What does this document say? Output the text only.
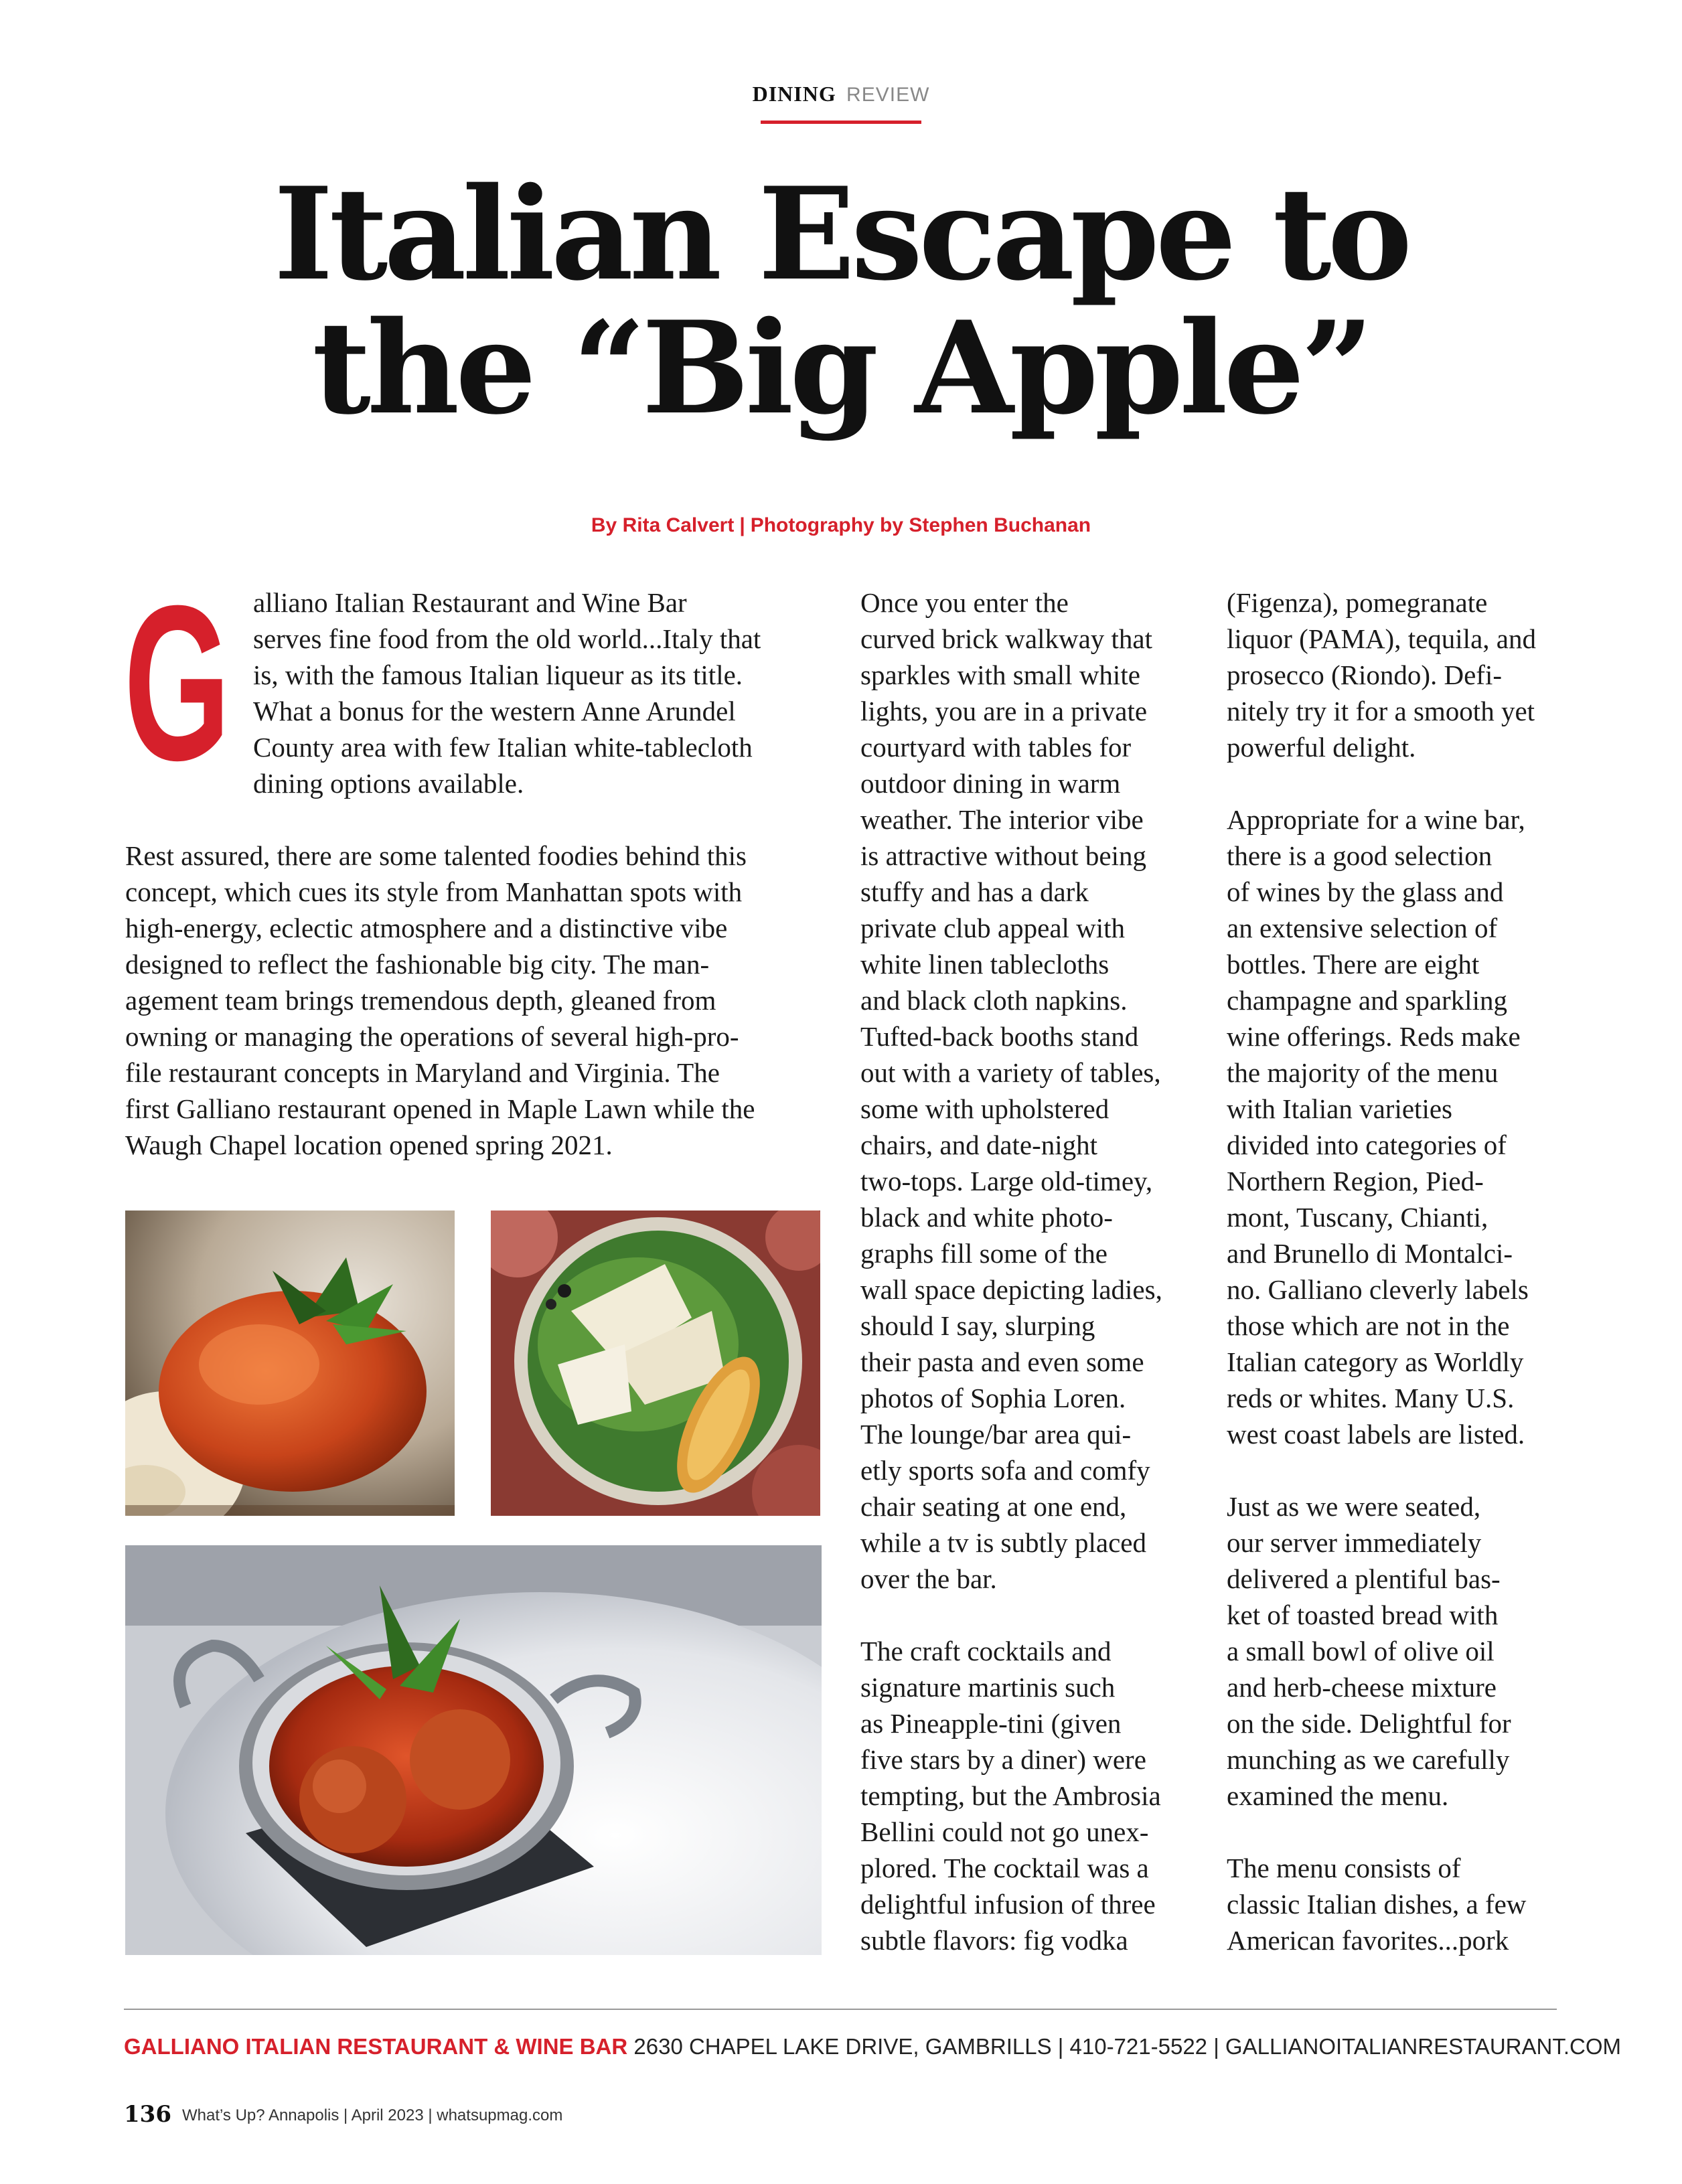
DINING REVIEW
Italian Escape to
the “Big Apple”
By Rita Calvert | Photography by Stephen Buchanan
G alliano Italian Restaurant and Wine Bar
serves fine food from the old world...Italy that
is, with the famous Italian liqueur as its title.
What a bonus for the western Anne Arundel
County area with few Italian white-tablecloth
dining options available.
Rest assured, there are some talented foodies behind this
concept, which cues its style from Manhattan spots with
high-energy, eclectic atmosphere and a distinctive vibe
designed to reflect the fashionable big city. The man-
agement team brings tremendous depth, gleaned from
owning or managing the operations of several high-pro-
file restaurant concepts in Maryland and Virginia. The
first Galliano restaurant opened in Maple Lawn while the
Waugh Chapel location opened spring 2021.
Once you enter the
curved brick walkway that
sparkles with small white
lights, you are in a private
courtyard with tables for
outdoor dining in warm
weather. The interior vibe
is attractive without being
stuffy and has a dark
private club appeal with
white linen tablecloths
and black cloth napkins.
Tufted-back booths stand
out with a variety of tables,
some with upholstered
chairs, and date-night
two-tops. Large old-timey,
black and white photo-
graphs fill some of the
wall space depicting ladies,
should I say, slurping
their pasta and even some
photos of Sophia Loren.
The lounge/bar area qui-
etly sports sofa and comfy
chair seating at one end,
while a tv is subtly placed
over the bar.

The craft cocktails and
signature martinis such
as Pineapple-tini (given
five stars by a diner) were
tempting, but the Ambrosia
Bellini could not go unex-
plored. The cocktail was a
delightful infusion of three
subtle flavors: fig vodka
(Figenza), pomegranate
liquor (PAMA), tequila, and
prosecco (Riondo). Defi-
nitely try it for a smooth yet
powerful delight.

Appropriate for a wine bar,
there is a good selection
of wines by the glass and
an extensive selection of
bottles. There are eight
champagne and sparkling
wine offerings. Reds make
the majority of the menu
with Italian varieties
divided into categories of
Northern Region, Pied-
mont, Tuscany, Chianti,
and Brunello di Montalci-
no. Galliano cleverly labels
those which are not in the
Italian category as Worldly
reds or whites. Many U.S.
west coast labels are listed.

Just as we were seated,
our server immediately
delivered a plentiful bas-
ket of toasted bread with
a small bowl of olive oil
and herb-cheese mixture
on the side. Delightful for
munching as we carefully
examined the menu.

The menu consists of
classic Italian dishes, a few
American favorites...pork
GALLIANO ITALIAN RESTAURANT & WINE BAR 2630 CHAPEL LAKE DRIVE, GAMBRILLS | 410-721-5522 | GALLIANOITALIANRESTAURANT.COM
136 What’s Up? Annapolis | April 2023 | whatsupmag.com
